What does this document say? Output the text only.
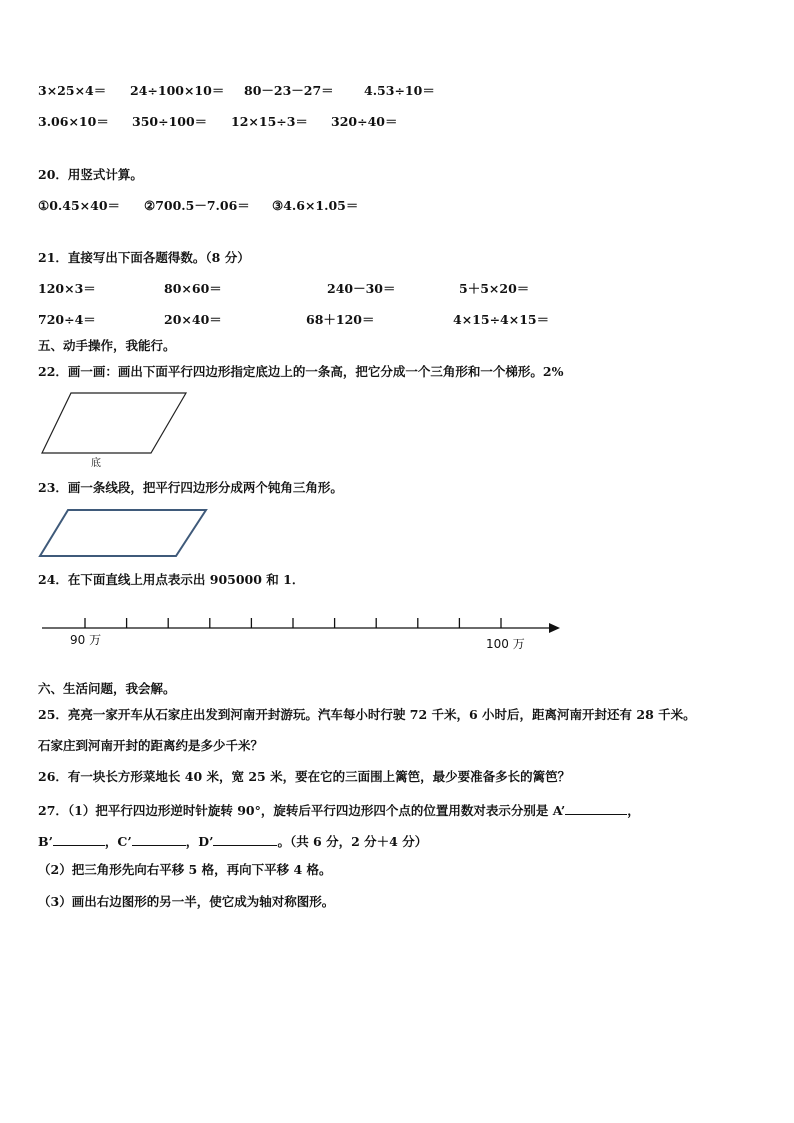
3×25×4＝ 24÷100×10＝ 80－23－27＝ 4.53÷10＝
3.06×10＝ 350÷100＝ 12×15÷3＝ 320÷40＝
20．用竖式计算。
①0.45×40＝ ②700.5－7.06＝ ③4.6×1.05＝
21．直接写出下面各题得数。（8 分）
120×3＝	80×60＝	240－30＝	5＋5×20＝
720÷4＝	20×40＝	68＋120＝	4×15÷4×15＝
五、动手操作，我能行。
22．画一画：画出下面平行四边形指定底边上的一条高，把它分成一个三角形和一个梯形。2%
底
23．画一条线段，把平行四边形分成两个钝角三角形。
24．在下面直线上用点表示出 905000 和 1．
90 万	100 万
六、生活问题，我会解。
25．亮亮一家开车从石家庄出发到河南开封游玩。汽车每小时行驶 72 千米，6 小时后，距离河南开封还有 28 千米。
石家庄到河南开封的距离约是多少千米？
26．有一块长方形菜地长 40 米，宽 25 米，要在它的三面围上篱笆，最少要准备多长的篱笆？
27．（1）把平行四边形逆时针旋转 90°，旋转后平行四边形四个点的位置用数对表示分别是 A’	，
B’	，C’	，D’	。（共 6 分，2 分＋4 分）
（2）把三角形先向右平移 5 格，再向下平移 4 格。
（3）画出右边图形的另一半，使它成为轴对称图形。
